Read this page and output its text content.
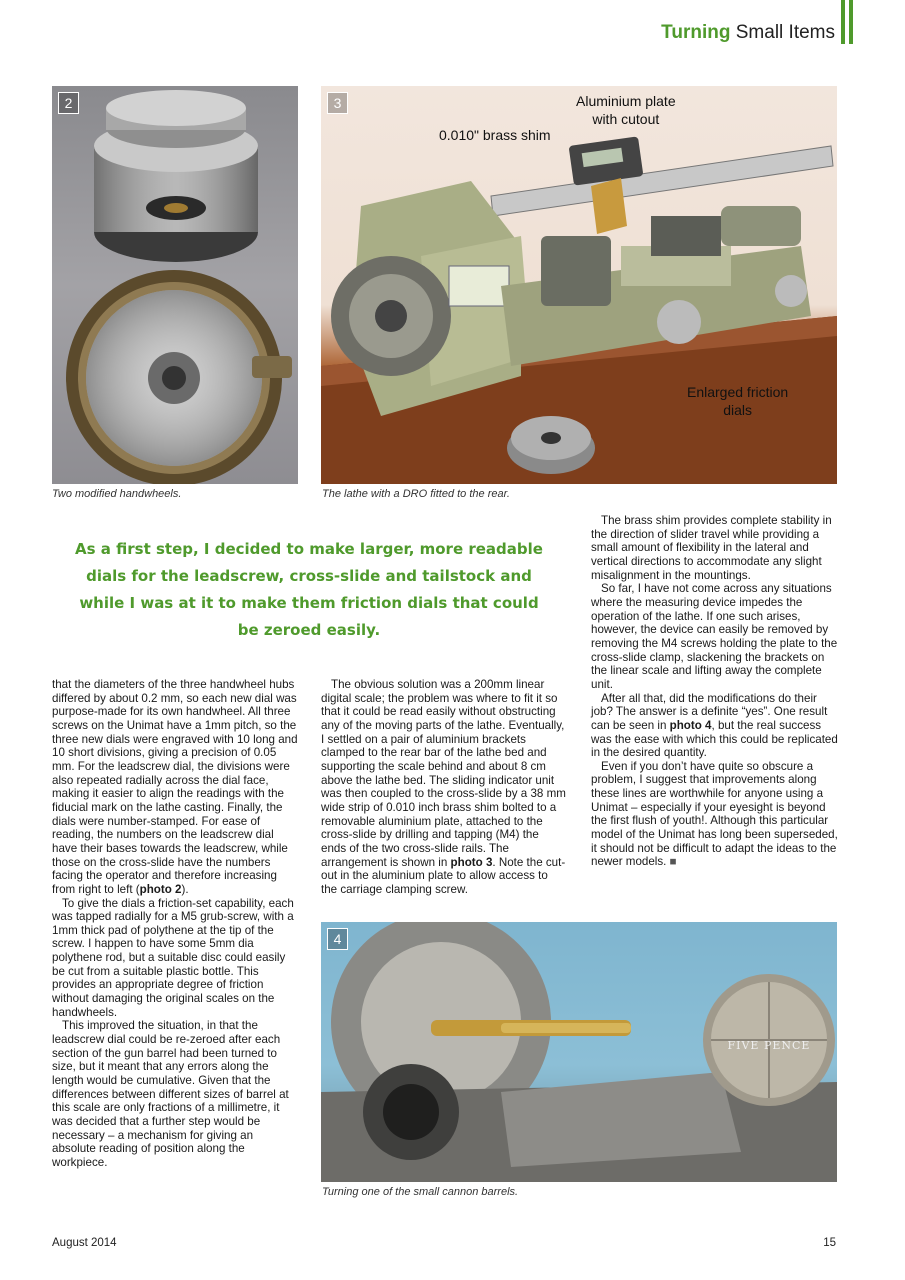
Turning Small Items
2
Two modified handwheels.
3	Aluminium plate
with cutout
0.010" brass shim
Enlarged friction
dials
The lathe with a DRO fitted to the rear.
As a first step, I decided to make larger, more readable dials for the leadscrew, cross-slide and tailstock and while I was at it to make them friction dials that could be zeroed easily.

that the diameters of the three handwheel hubs differed by about 0.2 mm, so each new dial was purpose-made for its own handwheel. All three screws on the Unimat have a 1mm pitch, so the three new dials were engraved with 10 long and 10 short divisions, giving a precision of 0.05 mm. For the leadscrew dial, the divisions were also repeated radially across the dial face, making it easier to align the readings with the fiducial mark on the lathe casting. Finally, the dials were number-stamped. For ease of reading, the numbers on the leadscrew dial have their bases towards the leadscrew, while those on the cross-slide have the numbers facing the operator and therefore increasing from right to left (photo 2).

To give the dials a friction-set capability, each was tapped radially for a M5 grub-screw, with a 1mm thick pad of polythene at the tip of the screw. I happen to have some 5mm dia polythene rod, but a suitable disc could easily be cut from a suitable plastic bottle. This provides an appropriate degree of friction without damaging the original scales on the handwheels.

This improved the situation, in that the leadscrew dial could be re-zeroed after each section of the gun barrel had been turned to size, but it meant that any errors along the length would be cumulative. Given that the differences between different sizes of barrel at this scale are only fractions of a millimetre, it was decided that a further step would be necessary – a mechanism for giving an absolute reading of position along the workpiece.

The obvious solution was a 200mm linear digital scale; the problem was where to fit it so that it could be read easily without obstructing any of the moving parts of the lathe. Eventually, I settled on a pair of aluminium brackets clamped to the rear bar of the lathe bed and supporting the scale behind and about 8 cm above the lathe bed. The sliding indicator unit was then coupled to the cross-slide by a 38 mm wide strip of 0.010 inch brass shim bolted to a removable aluminium plate, attached to the cross-slide by drilling and tapping (M4) the ends of the two cross-slide rails. The arrangement is shown in photo 3. Note the cut-out in the aluminium plate to allow access to the carriage clamping screw.

The brass shim provides complete stability in the direction of slider travel while providing a small amount of flexibility in the lateral and vertical directions to accommodate any slight misalignment in the mountings.

So far, I have not come across any situations where the measuring device impedes the operation of the lathe. If one such arises, however, the device can easily be removed by removing the M4 screws holding the plate to the cross-slide clamp, slackening the brackets on the linear scale and lifting away the complete unit.

After all that, did the modifications do their job? The answer is a definite “yes”. One result can be seen in photo 4, but the real success was the ease with which this could be replicated in the desired quantity.

Even if you don’t have quite so obscure a problem, I suggest that improvements along these lines are worthwhile for anyone using a Unimat – especially if your eyesight is beyond the first flush of youth!. Although this particular model of the Unimat has long been superseded, it should not be difficult to adapt the ideas to the newer models. ■

4
FIVE PENCE
Turning one of the small cannon barrels.
August 2014	15
